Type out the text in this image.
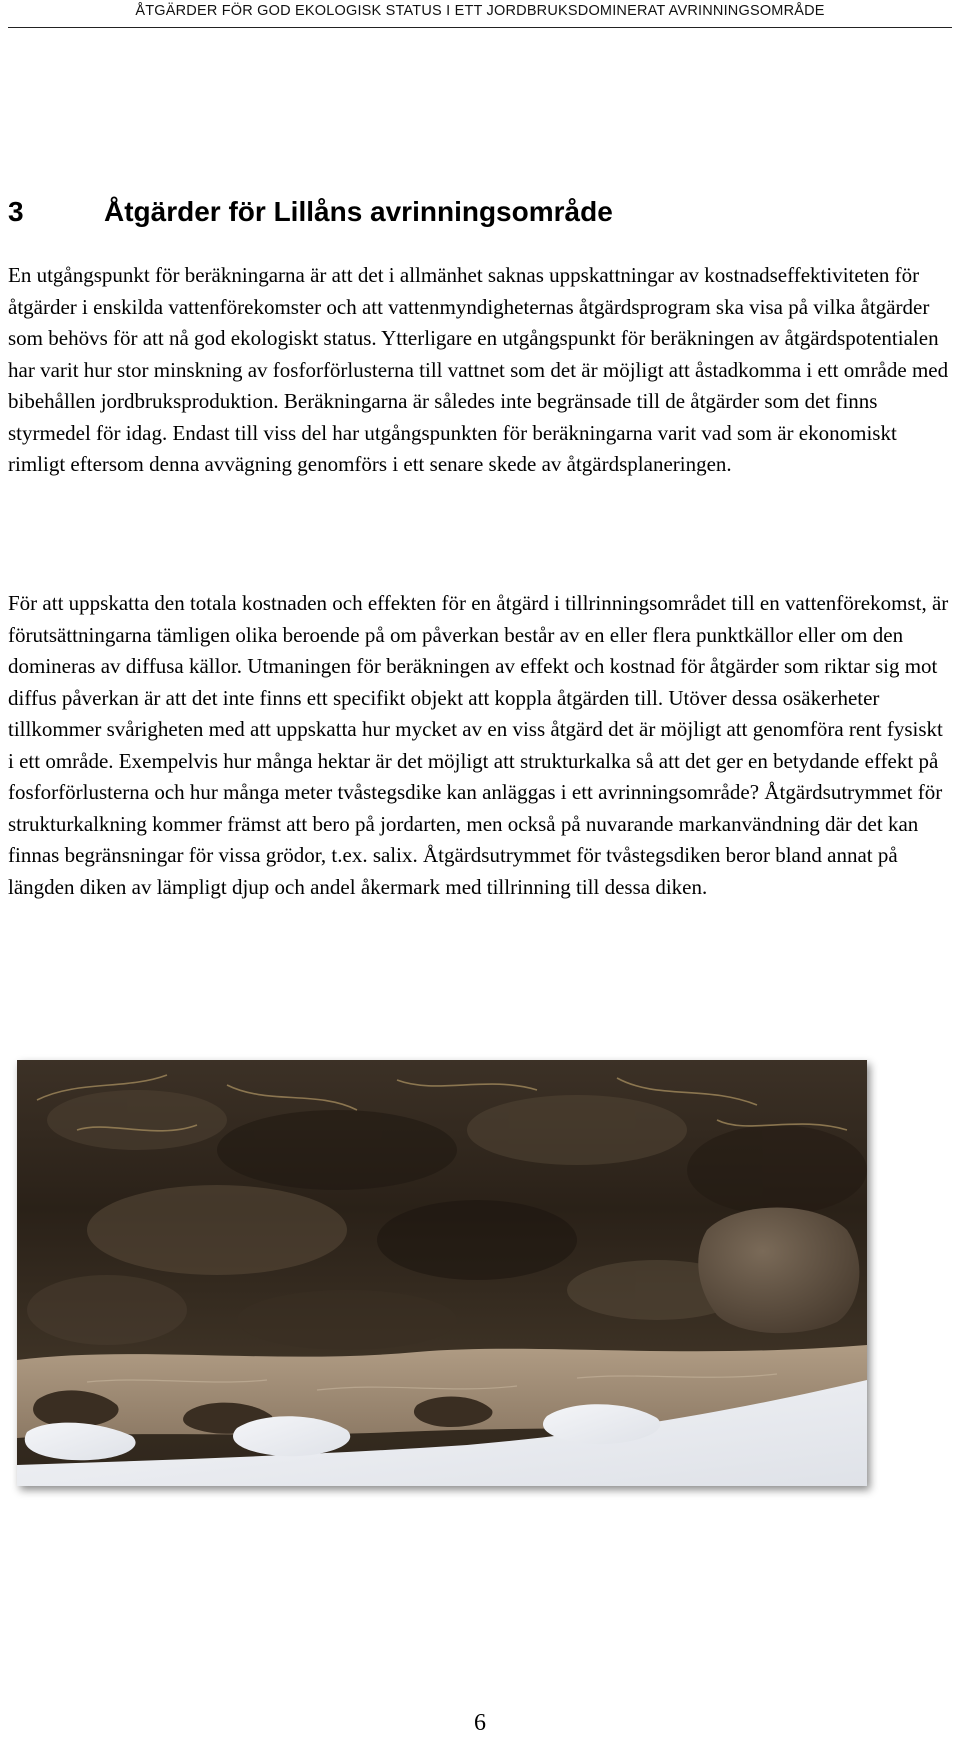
ÅTGÄRDER FÖR GOD EKOLOGISK STATUS I ETT JORDBRUKSDOMINERAT AVRINNINGSOMRÅDE
3	Åtgärder för Lillåns avrinningsområde

En utgångspunkt för beräkningarna är att det i allmänhet saknas uppskattningar av kostnadseffektiviteten för åtgärder i enskilda vattenförekomster och att vattenmyndigheternas åtgärdsprogram ska visa på vilka åtgärder som behövs för att nå god ekologiskt status. Ytterligare en utgångspunkt för beräkningen av åtgärdspotentialen har varit hur stor minskning av fosforförlusterna till vattnet som det är möjligt att åstadkomma i ett område med bibehållen jordbruksproduktion. Beräkningarna är således inte begränsade till de åtgärder som det finns styrmedel för idag. Endast till viss del har utgångspunkten för beräkningarna varit vad som är ekonomiskt rimligt eftersom denna avvägning genomförs i ett senare skede av åtgärdsplaneringen.

För att uppskatta den totala kostnaden och effekten för en åtgärd i tillrinningsområdet till en vattenförekomst, är förutsättningarna tämligen olika beroende på om påverkan består av en eller flera punktkällor eller om den domineras av diffusa källor. Utmaningen för beräkningen av effekt och kostnad för åtgärder som riktar sig mot diffus påverkan är att det inte finns ett specifikt objekt att koppla åtgärden till. Utöver dessa osäkerheter tillkommer svårigheten med att uppskatta hur mycket av en viss åtgärd det är möjligt att genomföra rent fysiskt i ett område. Exempelvis hur många hektar är det möjligt att strukturkalka så att det ger en betydande effekt på fosforförlusterna och hur många meter tvåstegsdike kan anläggas i ett avrinningsområde? Åtgärdsutrymmet för strukturkalkning kommer främst att bero på jordarten, men också på nuvarande markanvändning där det kan finnas begränsningar för vissa grödor, t.ex. salix. Åtgärdsutrymmet för tvåstegsdiken beror bland annat på längden diken av lämpligt djup och andel åkermark med tillrinning till dessa diken.

6
